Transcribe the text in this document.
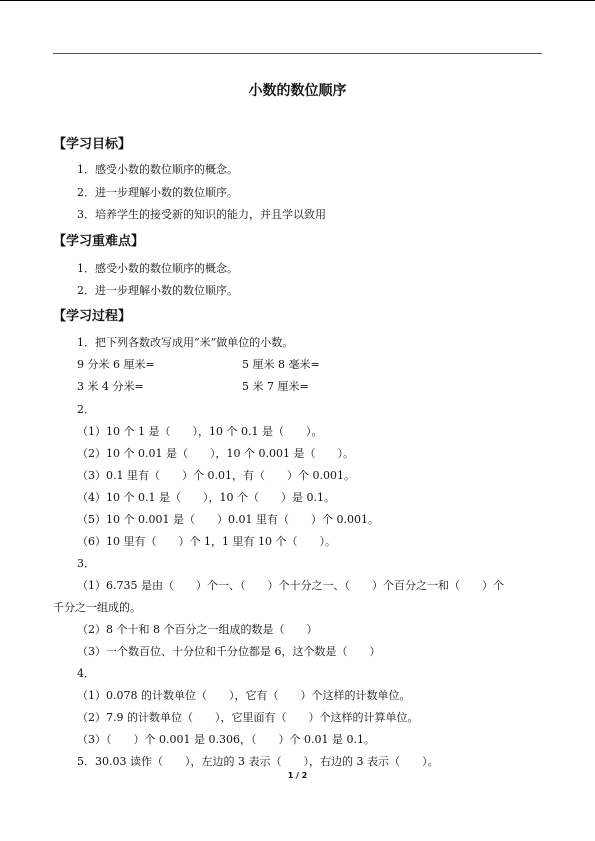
小数的数位顺序
【学习目标】
1．感受小数的数位顺序的概念。
2．进一步理解小数的数位顺序。
3．培养学生的接受新的知识的能力，并且学以致用
【学习重难点】
1．感受小数的数位顺序的概念。
2．进一步理解小数的数位顺序。
【学习过程】
1．把下列各数改写成用“米”做单位的小数。
9 分米 6 厘米=	5 厘米 8 毫米=
3 米 4 分米=	5 米 7 厘米=
2．
（1）10 个 1 是（　　），10 个 0.1 是（　　）。
（2）10 个 0.01 是（　　），10 个 0.001 是（　　）。
（3）0.1 里有（　　）个 0.01，有（　　）个 0.001。
（4）10 个 0.1 是（　　），10 个（　　）是 0.1。
（5）10 个 0.001 是（　　）0.01 里有（　　）个 0.001。
（6）10 里有（　　）个 1，1 里有 10 个（　　）。
3．
（1）6.735 是由（　　）个一、（　　）个十分之一、（　　）个百分之一和（　　）个
千分之一组成的。
（2）8 个十和 8 个百分之一组成的数是（　　）
（3）一个数百位、十分位和千分位都是 6，这个数是（　　）
4．
（1）0.078 的计数单位（　　），它有（　　）个这样的计数单位。
（2）7.9 的计数单位（　　），它里面有（　　）个这样的计算单位。
（3）（　　）个 0.001 是 0.306，（　　）个 0.01 是 0.1。
5．30.03 读作（　　），左边的 3 表示（　　），右边的 3 表示（　　）。
1 / 2
